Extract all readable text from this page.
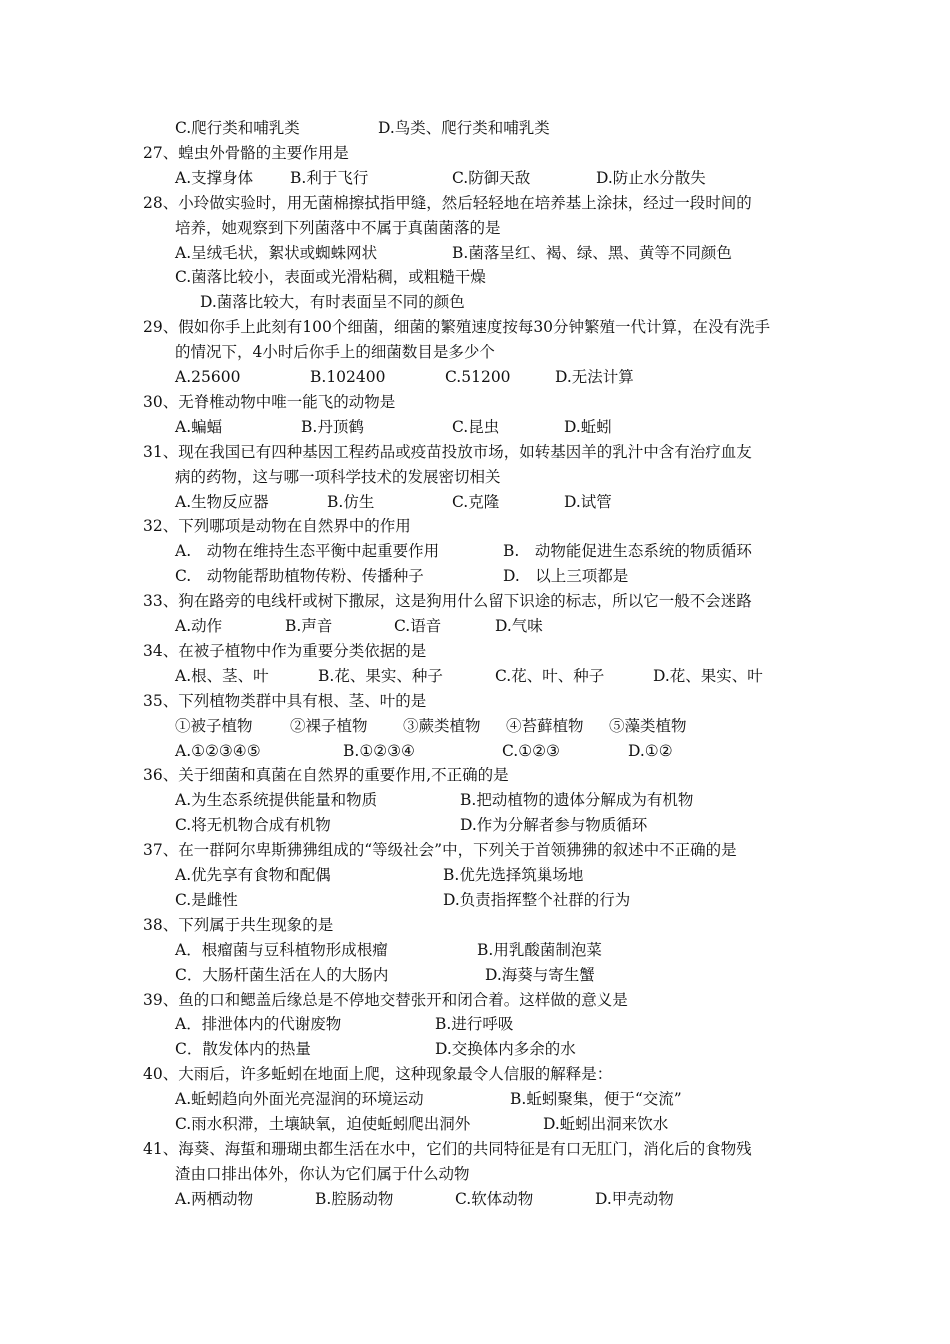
C.爬行类和哺乳类	D.鸟类、爬行类和哺乳类
27、蝗虫外骨骼的主要作用是
A.支撑身体 B.利于飞行	C.防御天敌	D.防止水分散失
28、小玲做实验时，用无菌棉擦拭指甲缝，然后轻轻地在培养基上涂抹，经过一段时间的
培养，她观察到下列菌落中不属于真菌菌落的是
A.呈绒毛状，絮状或蜘蛛网状	B.菌落呈红、褐、绿、黑、黄等不同颜色
C.菌落比较小，表面或光滑粘稠，或粗糙干燥
D.菌落比较大，有时表面呈不同的颜色
29、假如你手上此刻有100个细菌，细菌的繁殖速度按每30分钟繁殖一代计算，在没有洗手
的情况下，4小时后你手上的细菌数目是多少个
A.25600	B.102400	C.51200	D.无法计算
30、无脊椎动物中唯一能飞的动物是
A.蝙蝠	B.丹顶鹤	C.昆虫	D.蚯蚓
31、现在我国已有四种基因工程药品或疫苗投放市场，如转基因羊的乳汁中含有治疗血友
病的药物，这与哪一项科学技术的发展密切相关
A.生物反应器	B.仿生	C.克隆	D.试管
32、下列哪项是动物在自然界中的作用
A.　动物在维持生态平衡中起重要作用	B.　动物能促进生态系统的物质循环
C.　动物能帮助植物传粉、传播种子	D.　以上三项都是
33、狗在路旁的电线杆或树下撒尿，这是狗用什么留下识途的标志，所以它一般不会迷路
A.动作	B.声音	C.语音	D.气味
34、在被子植物中作为重要分类依据的是
A.根、茎、叶	B.花、果实、种子	C.花、叶、种子	D.花、果实、叶
35、下列植物类群中具有根、茎、叶的是
①被子植物 ②裸子植物 ③蕨类植物 ④苔藓植物 ⑤藻类植物
A.①②③④⑤	B.①②③④	C.①②③	D.①②
36、关于细菌和真菌在自然界的重要作用,不正确的是
A.为生态系统提供能量和物质	B.把动植物的遗体分解成为有机物
C.将无机物合成有机物	D.作为分解者参与物质循环
37、在一群阿尔卑斯狒狒组成的“等级社会”中，下列关于首领狒狒的叙述中不正确的是
A.优先享有食物和配偶	B.优先选择筑巢场地
C.是雌性	D.负责指挥整个社群的行为
38、下列属于共生现象的是
A．根瘤菌与豆科植物形成根瘤	B.用乳酸菌制泡菜
C．大肠杆菌生活在人的大肠内	D.海葵与寄生蟹
39、鱼的口和鳃盖后缘总是不停地交替张开和闭合着。这样做的意义是
A．排泄体内的代谢废物	B.进行呼吸
C．散发体内的热量	D.交换体内多余的水
40、大雨后，许多蚯蚓在地面上爬，这种现象最令人信服的解释是：
A.蚯蚓趋向外面光亮湿润的环境运动	B.蚯蚓聚集，便于“交流”
C.雨水积滞，土壤缺氧，迫使蚯蚓爬出洞外	D.蚯蚓出洞来饮水
41、海葵、海蜇和珊瑚虫都生活在水中，它们的共同特征是有口无肛门，消化后的食物残
渣由口排出体外，你认为它们属于什么动物
A.两栖动物	B.腔肠动物	C.软体动物	D.甲壳动物
